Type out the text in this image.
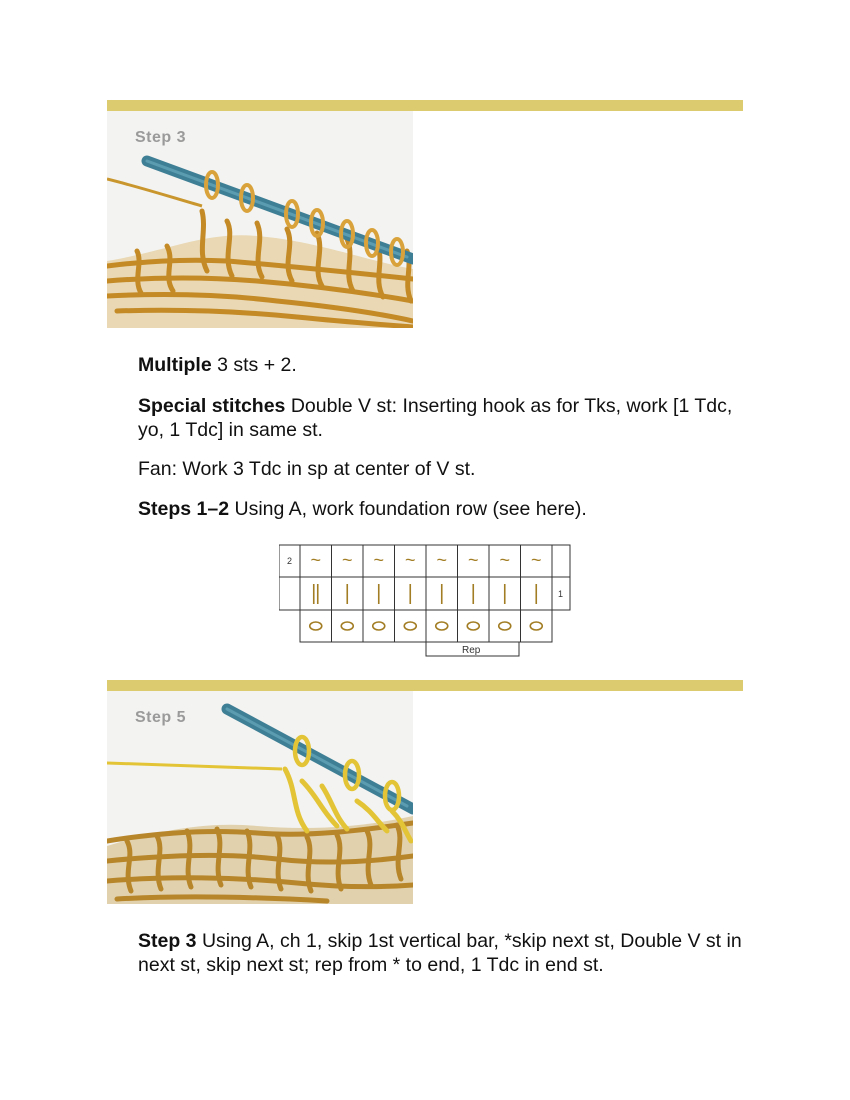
Step 3

Multiple 3 sts + 2.

Special stitches Double V st: Inserting hook as for Tks, work [1 Tdc, yo, 1 Tdc] in same st.

Fan: Work 3 Tdc in sp at center of V st.

Steps 1–2 Using A, work foundation row (see here).

2
1
Rep
~ ~ ~ ~ ~ ~ ~ ~
Step 5

Step 3 Using A, ch 1, skip 1st vertical bar, *skip next st, Double V st in next st, skip next st; rep from * to end, 1 Tdc in end st.
